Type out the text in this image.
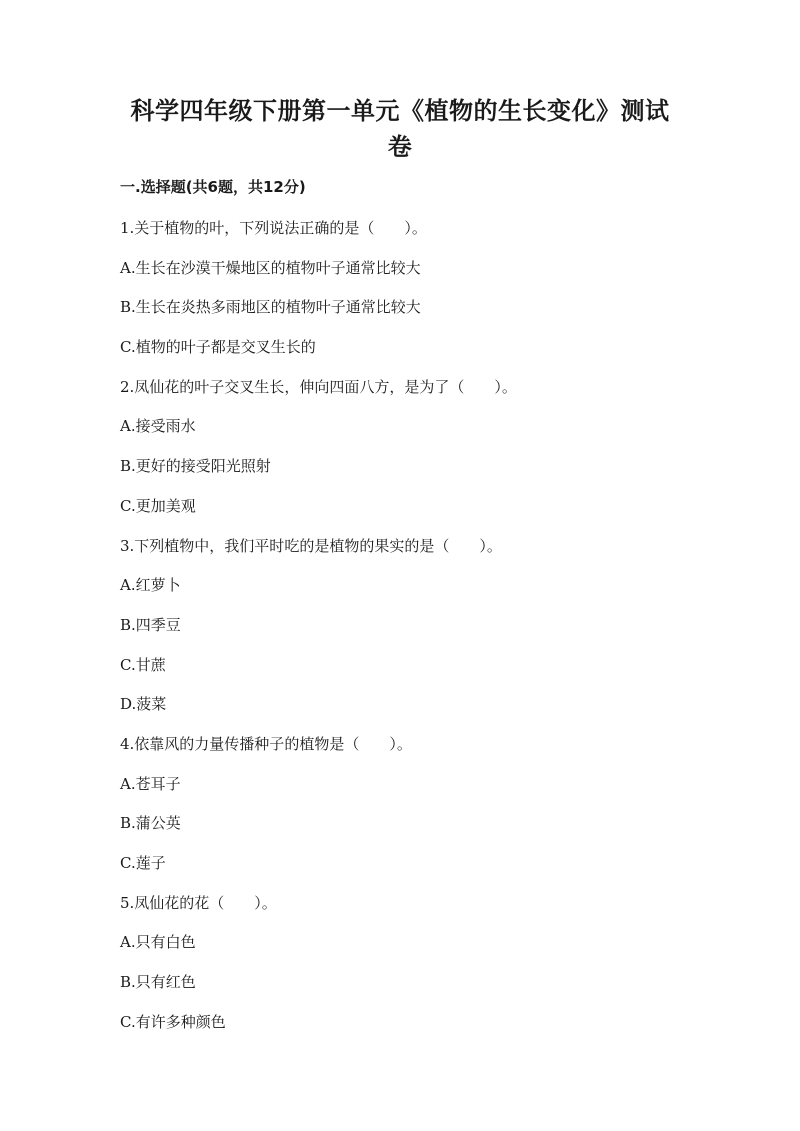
科学四年级下册第一单元《植物的生长变化》测试卷
一.选择题(共6题，共12分)

1.关于植物的叶，下列说法正确的是（　　）。

A.生长在沙漠干燥地区的植物叶子通常比较大

B.生长在炎热多雨地区的植物叶子通常比较大

C.植物的叶子都是交叉生长的

2.凤仙花的叶子交叉生长，伸向四面八方，是为了（　　）。

A.接受雨水

B.更好的接受阳光照射

C.更加美观

3.下列植物中，我们平时吃的是植物的果实的是（　　）。

A.红萝卜

B.四季豆

C.甘蔗

D.菠菜

4.依靠风的力量传播种子的植物是（　　）。

A.苍耳子

B.蒲公英

C.莲子

5.凤仙花的花（　　）。

A.只有白色

B.只有红色

C.有许多种颜色
